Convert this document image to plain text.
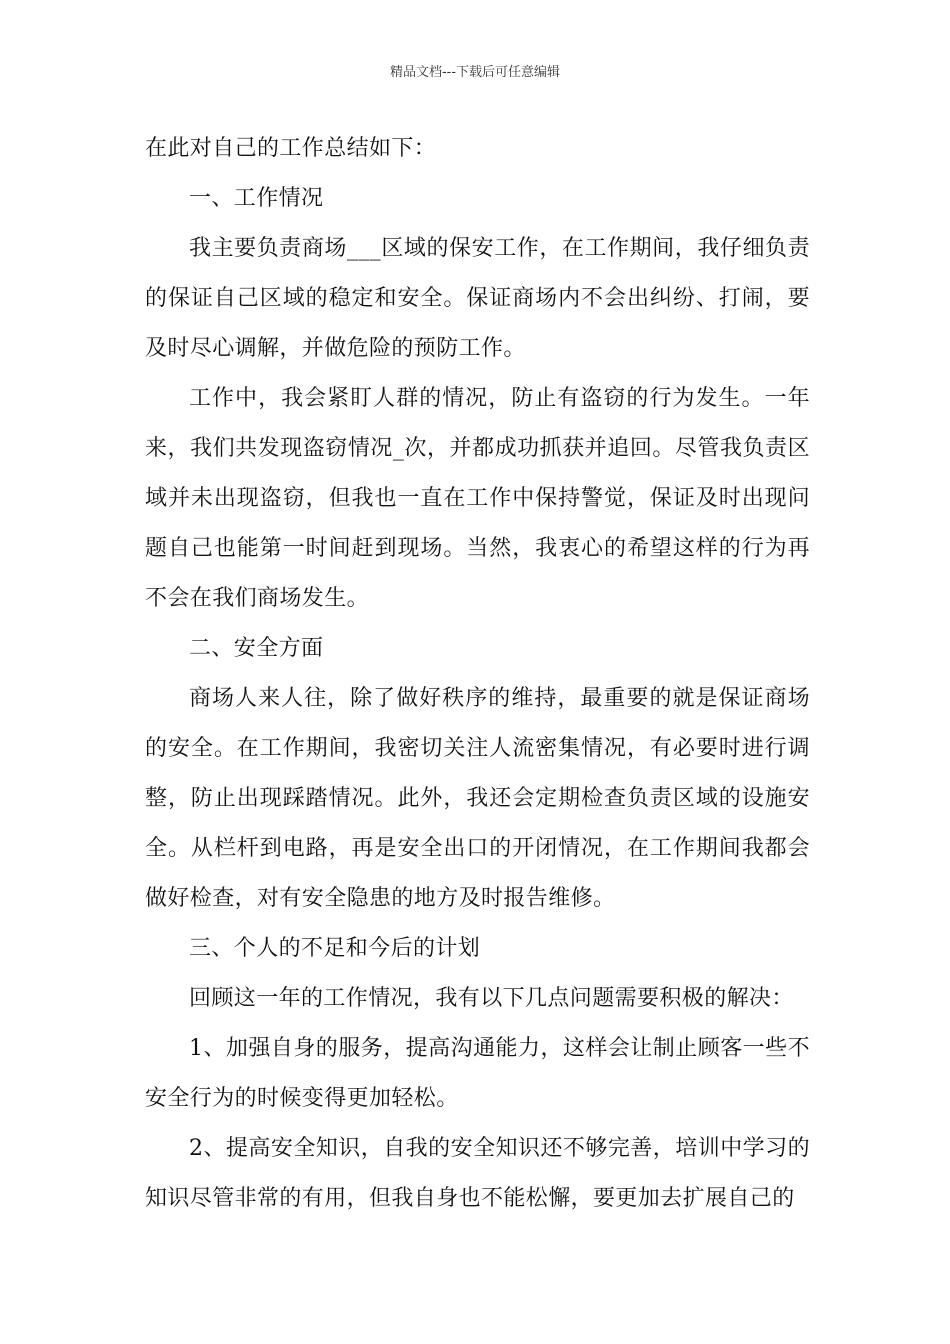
精品文档---下载后可任意编辑

在此对自己的工作总结如下：

一、工作情况

我主要负责商场___区域的保安工作，在工作期间，我仔细负责的保证自己区域的稳定和安全。保证商场内不会出纠纷、打闹，要及时尽心调解，并做危险的预防工作。

工作中，我会紧盯人群的情况，防止有盗窃的行为发生。一年来，我们共发现盗窃情况_次，并都成功抓获并追回。尽管我负责区域并未出现盗窃，但我也一直在工作中保持警觉，保证及时出现问题自己也能第一时间赶到现场。当然，我衷心的希望这样的行为再不会在我们商场发生。

二、安全方面

商场人来人往，除了做好秩序的维持，最重要的就是保证商场的安全。在工作期间，我密切关注人流密集情况，有必要时进行调整，防止出现踩踏情况。此外，我还会定期检查负责区域的设施安全。从栏杆到电路，再是安全出口的开闭情况，在工作期间我都会做好检查，对有安全隐患的地方及时报告维修。

三、个人的不足和今后的计划

回顾这一年的工作情况，我有以下几点问题需要积极的解决：

1、加强自身的服务，提高沟通能力，这样会让制止顾客一些不安全行为的时候变得更加轻松。

2、提高安全知识，自我的安全知识还不够完善，培训中学习的知识尽管非常的有用，但我自身也不能松懈，要更加去扩展自己的
